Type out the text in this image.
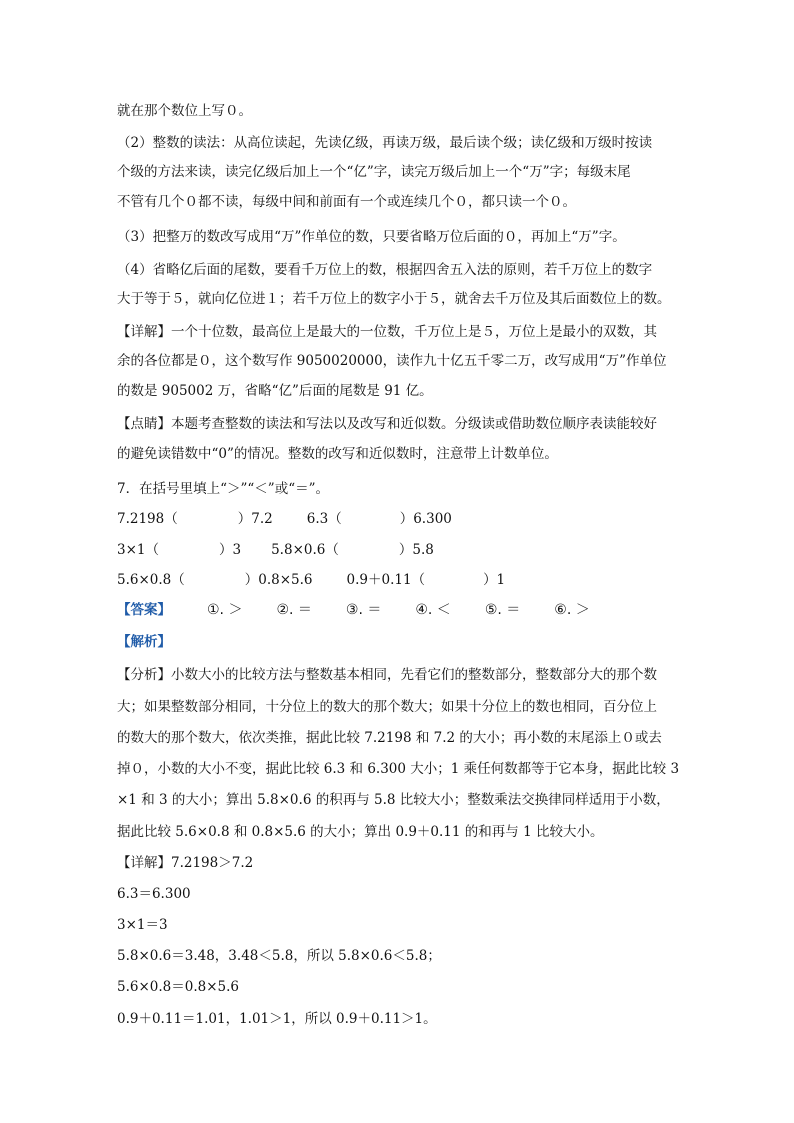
就在那个数位上写０。
（2）整数的读法：从高位读起，先读亿级，再读万级，最后读个级；读亿级和万级时按读
个级的方法来读，读完亿级后加上一个“亿”字，读完万级后加上一个“万”字；每级末尾
不管有几个０都不读，每级中间和前面有一个或连续几个０，都只读一个０。
（3）把整万的数改写成用“万”作单位的数，只要省略万位后面的０，再加上“万”字。
（4）省略亿后面的尾数，要看千万位上的数，根据四舍五入法的原则，若千万位上的数字
大于等于５，就向亿位进１；若千万位上的数字小于５，就舍去千万位及其后面数位上的数。
【详解】一个十位数，最高位上是最大的一位数，千万位上是５，万位上是最小的双数，其
余的各位都是０，这个数写作 9050020000，读作九十亿五千零二万，改写成用“万”作单位
的数是 905002 万，省略“亿”后面的尾数是 91 亿。
【点睛】本题考查整数的读法和写法以及改写和近似数。分级读或借助数位顺序表读能较好
的避免读错数中“0”的情况。整数的改写和近似数时，注意带上计数单位。
7．在括号里填上“＞”“＜”或“＝”。
7.2198（	）7.2	6.3（	）6.300
3×1（	）3 5.8×0.6（	）5.8
5.6×0.8（	）0.8×5.6	0.9＋0.11（	）1
【答案】	①. ＞ ②. ＝ ③. ＝ ④. ＜ ⑤. ＝ ⑥. ＞
【解析】
【分析】小数大小的比较方法与整数基本相同，先看它们的整数部分，整数部分大的那个数
大；如果整数部分相同，十分位上的数大的那个数大；如果十分位上的数也相同，百分位上
的数大的那个数大，依次类推，据此比较 7.2198 和 7.2 的大小；再小数的末尾添上０或去
掉０，小数的大小不变，据此比较 6.3 和 6.300 大小；1 乘任何数都等于它本身，据此比较 3
×1 和 3 的大小；算出 5.8×0.6 的积再与 5.8 比较大小；整数乘法交换律同样适用于小数，
据此比较 5.6×0.8 和 0.8×5.6 的大小；算出 0.9＋0.11 的和再与 1 比较大小。
【详解】7.2198＞7.2
6.3＝6.300
3×1＝3
5.8×0.6＝3.48，3.48＜5.8，所以 5.8×0.6＜5.8；
5.6×0.8＝0.8×5.6
0.9＋0.11＝1.01，1.01＞1，所以 0.9＋0.11＞1。
